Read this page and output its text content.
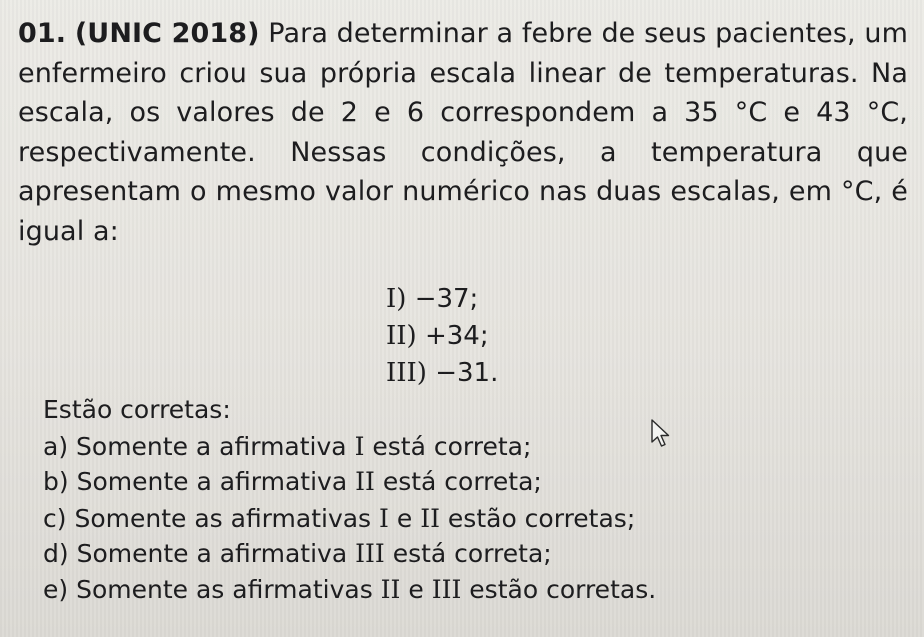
01. (UNIC 2018) Para determinar a febre de seus pacientes, um enfermeiro criou sua própria escala linear de temperaturas. Na escala, os valores de 2 e 6 correspondem a 35 °C e 43 °C, respectivamente. Nessas condições, a temperatura que apresentam o mesmo valor numérico nas duas escalas, em °C, é igual a:
I) −37;
II) +34;
III) −31.
Estão corretas:
a) Somente a afirmativa I está correta;
b) Somente a afirmativa II está correta;
c) Somente as afirmativas I e II estão corretas;
d) Somente a afirmativa III está correta;
e) Somente as afirmativas II e III estão corretas.
